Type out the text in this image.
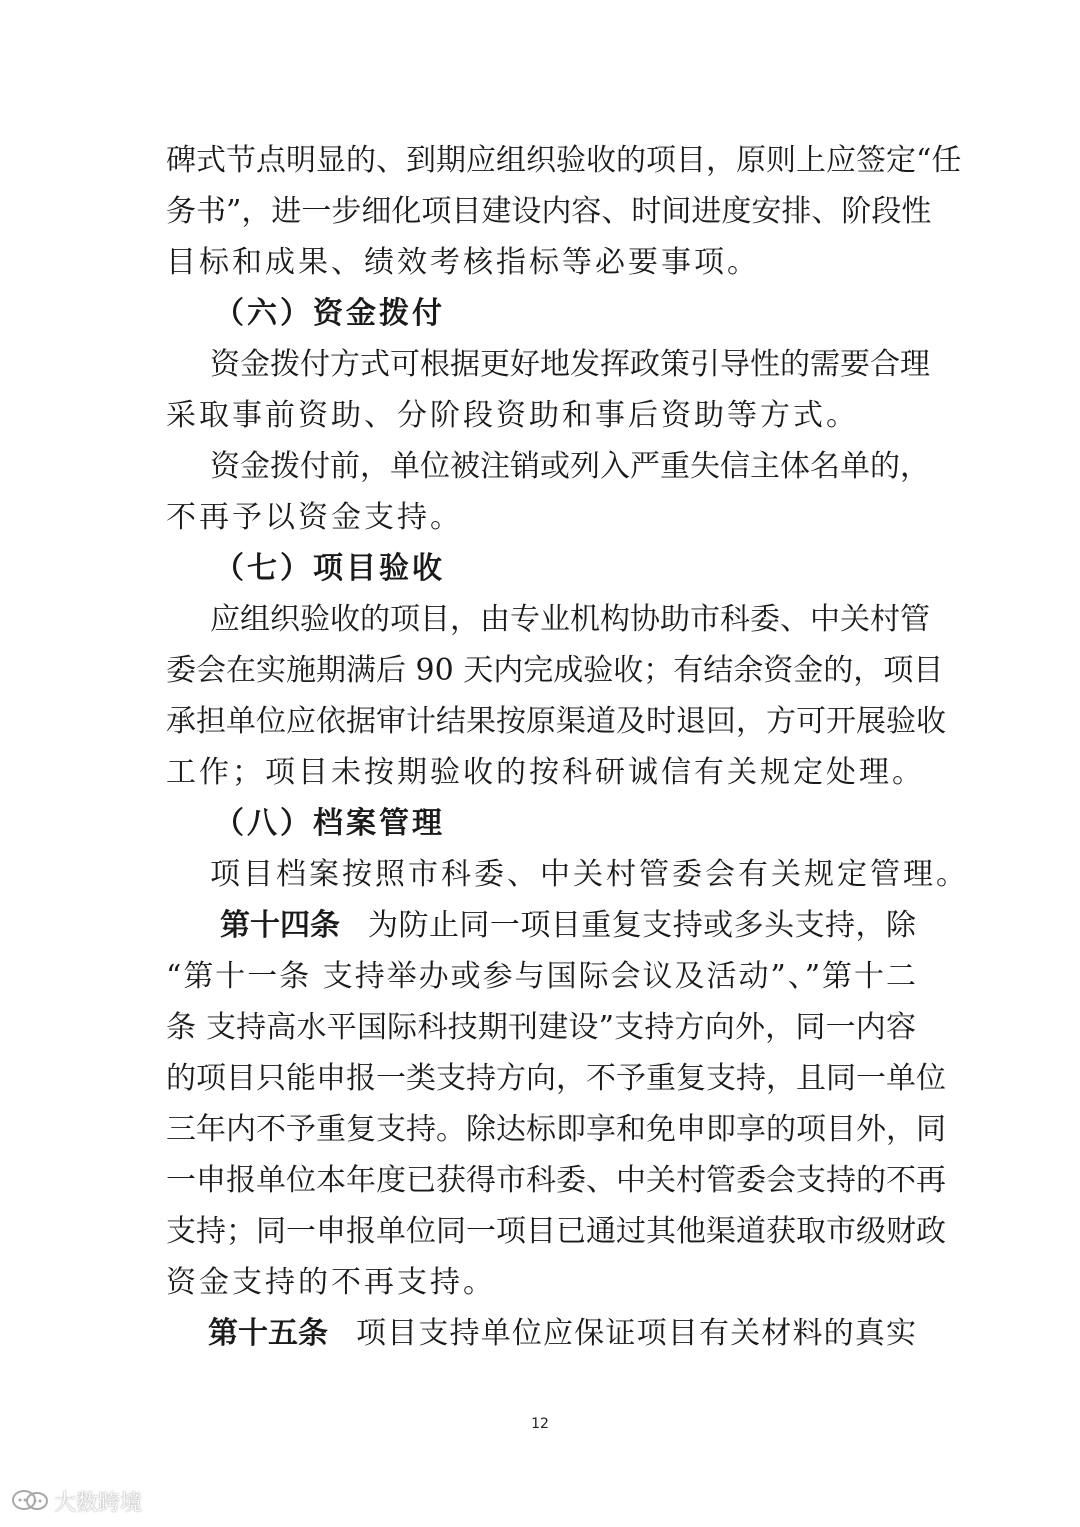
碑式节点明显的、到期应组织验收的项目，原则上应签定“任
务书”，进一步细化项目建设内容、时间进度安排、阶段性
目标和成果、绩效考核指标等必要事项。
（六）资金拨付
资金拨付方式可根据更好地发挥政策引导性的需要合理
采取事前资助、分阶段资助和事后资助等方式。
资金拨付前，单位被注销或列入严重失信主体名单的，
不再予以资金支持。
（七）项目验收
应组织验收的项目，由专业机构协助市科委、中关村管
委会在实施期满后 90 天内完成验收；有结余资金的，项目
承担单位应依据审计结果按原渠道及时退回，方可开展验收
工作；项目未按期验收的按科研诚信有关规定处理。
（八）档案管理
项目档案按照市科委、中关村管委会有关规定管理。
第十四条 为防止同一项目重复支持或多头支持，除
“第十一条 支持举办或参与国际会议及活动”、”第十二
条 支持高水平国际科技期刊建设”支持方向外，同一内容
的项目只能申报一类支持方向，不予重复支持，且同一单位
三年内不予重复支持。除达标即享和免申即享的项目外，同
一申报单位本年度已获得市科委、中关村管委会支持的不再
支持；同一申报单位同一项目已通过其他渠道获取市级财政
资金支持的不再支持。
第十五条 项目支持单位应保证项目有关材料的真实
12
大数跨境
